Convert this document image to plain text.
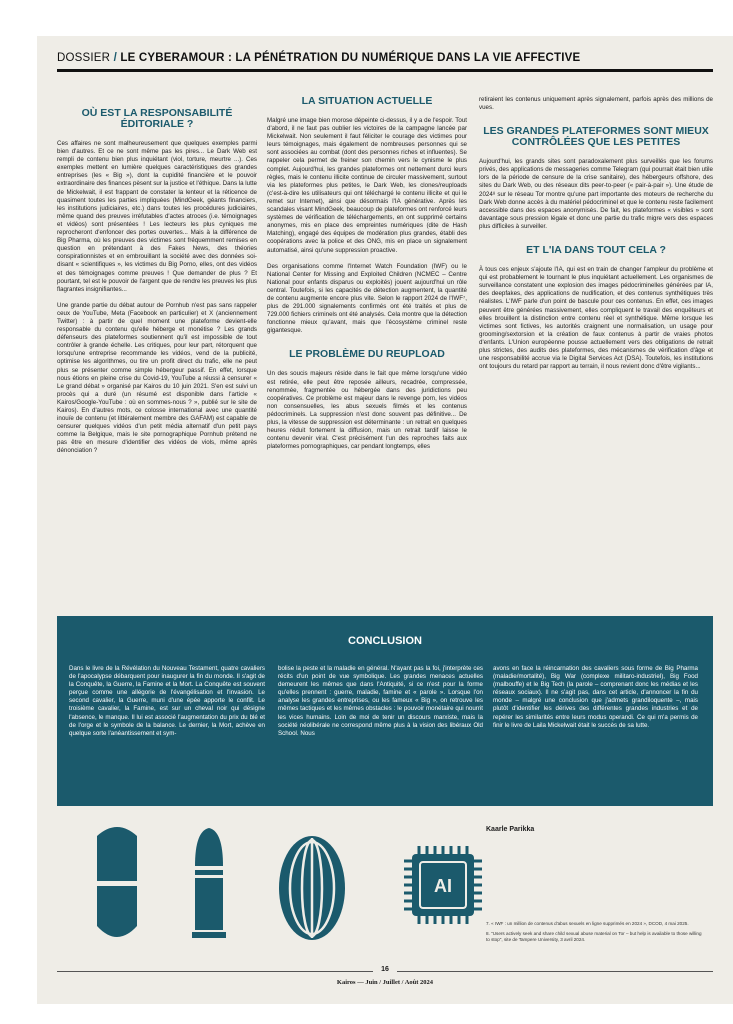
DOSSIER / LE CYBERAMOUR : LA PÉNÉTRATION DU NUMÉRIQUE DANS LA VIE AFFECTIVE
OÙ EST LA RESPONSABILITÉ ÉDITORIALE ?

Ces affaires ne sont malheureusement que quelques exemples parmi bien d'autres. Et ce ne sont même pas les pires... Le Dark Web est rempli de contenu bien plus inquiétant (viol, torture, meurtre ...). Ces exemples mettent en lumière quelques caractéristiques des grandes entreprises (les « Big »), dont la cupidité financière et le pouvoir extraordinaire des finances pèsent sur la justice et l'éthique. Dans la lutte de Mickelwait, il est frappant de constater la lenteur et la réticence de quasiment toutes les parties impliquées (MindGeek, géants financiers, les institutions judiciaires, etc.) dans toutes les procédures judiciaires, même quand des preuves irréfutables d'actes atroces (i.e. témoignages et vidéos) sont présentées ! Les lecteurs les plus cyniques me reprocheront d'enfoncer des portes ouvertes... Mais à la différence de Big Pharma, où les preuves des victimes sont fréquemment remises en question en prétendant à des Fakes News, des théories conspirationnistes et en embrouillant la société avec des données soi-disant « scientifiques », les victimes du Big Porno, elles, ont des vidéos et des témoignages comme preuves ! Que demander de plus ? Et pourtant, tel est le pouvoir de l'argent que de rendre les preuves les plus flagrantes insignifiantes...

Une grande partie du débat autour de Pornhub n'est pas sans rappeler ceux de YouTube, Meta (Facebook en particulier) et X (anciennement Twitter) : à partir de quel moment une plateforme devient-elle responsable du contenu qu'elle héberge et monétise ? Les grands défenseurs des plateformes soutiennent qu'il est impossible de tout contrôler à grande échelle. Les critiques, pour leur part, rétorquent que lorsqu'une entreprise recommande les vidéos, vend de la publicité, optimise les algorithmes, ou tire un profit direct du trafic, elle ne peut plus se présenter comme simple hébergeur passif. En effet, lorsque nous étions en pleine crise du Covid-19, YouTube a réussi à censurer « Le grand débat » organisé par Kairos du 10 juin 2021. S'en est suivi un procès qui a duré (un résumé est disponible dans l'article « Kairos/Google-YouTube : où en sommes-nous ? », publié sur le site de Kairos). En d'autres mots, ce colosse international avec une quantité inouïe de contenu (et littéralement membre des GAFAM) est capable de censurer quelques vidéos d'un petit média alternatif d'un petit pays comme la Belgique, mais le site pornographique Pornhub prétend ne pas être en mesure d'identifier des vidéos de viols, même après dénonciation ?

LA SITUATION ACTUELLE

Malgré une image bien morose dépeinte ci-dessus, il y a de l'espoir. Tout d'abord, il ne faut pas oublier les victoires de la campagne lancée par Mickelwait. Non seulement il faut féliciter le courage des victimes pour leurs témoignages, mais également de nombreuses personnes qui se sont associées au combat (dont des personnes riches et influentes). Se rappeler cela permet de freiner son chemin vers le cynisme le plus complet. Aujourd'hui, les grandes plateformes ont nettement durci leurs règles, mais le contenu illicite continue de circuler massivement, surtout via les plateformes plus petites, le Dark Web, les clones/reuploads (c'est-à-dire les utilisateurs qui ont téléchargé le contenu illicite et qui le remet sur Internet), ainsi que désormais l'IA générative. Après les scandales visant MindGeek, beaucoup de plateformes ont renforcé leurs systèmes de vérification de téléchargements, en ont supprimé certains anonymes, mis en place des empreintes numériques (dite de Hash Matching), engagé des équipes de modération plus grandes, établi des coopérations avec la police et des ONG, mis en place un signalement automatisé, ainsi qu'une suppression proactive.

Des organisations comme l'Internet Watch Foundation (IWF) ou le National Center for Missing and Exploited Children (NCMEC – Centre National pour enfants disparus ou exploités) jouent aujourd'hui un rôle central. Toutefois, si les capacités de détection augmentent, la quantité de contenu augmente encore plus vite. Selon le rapport 2024 de l'IWF⁷, plus de 291.000 signalements confirmés ont été traités et plus de 729.000 fichiers criminels ont été analysés. Cela montre que la détection fonctionne mieux qu'avant, mais que l'écosystème criminel reste gigantesque.

LE PROBLÈME DU REUPLOAD

Un des soucis majeurs réside dans le fait que même lorsqu'une vidéo est retirée, elle peut être reposée ailleurs, recadrée, compressée, renommée, fragmentée ou hébergée dans des juridictions peu coopératives. Ce problème est majeur dans le revenge porn, les vidéos non consensuelles, les abus sexuels filmés et les contenus pédocriminels. La suppression n'est donc souvent pas définitive... De plus, la vitesse de suppression est déterminante : un retrait en quelques heures réduit fortement la diffusion, mais un retrait tardif laisse le contenu devenir viral. C'est précisément l'un des reproches faits aux plateformes pornographiques, car pendant longtemps, elles

retiraient les contenus uniquement après signalement, parfois après des millions de vues.

LES GRANDES PLATEFORMES SONT MIEUX CONTRÔLÉES QUE LES PETITES

Aujourd'hui, les grands sites sont paradoxalement plus surveillés que les forums privés, des applications de messageries comme Telegram (qui pourrait était bien utile lors de la période de censure de la crise sanitaire), des hébergeurs offshore, des sites du Dark Web, ou des réseaux dits peer-to-peer (« pair-à-pair »). Une étude de 2024⁸ sur le réseau Tor montre qu'une part importante des moteurs de recherche du Dark Web donne accès à du matériel pédocriminel et que le contenu reste facilement accessible dans des espaces anonymisés. De fait, les plateformes « visibles » sont davantage sous pression légale et donc une partie du trafic migre vers des espaces plus difficiles à surveiller.

ET L'IA DANS TOUT CELA ?

À tous ces enjeux s'ajoute l'IA, qui est en train de changer l'ampleur du problème et qui est probablement le tournant le plus inquiétant actuellement. Les organismes de surveillance constatent une explosion des images pédocriminelles générées par IA, des deepfakes, des applications de nudification, et des contenus synthétiques très réalistes. L'IWF parle d'un point de bascule pour ces contenus. En effet, ces images peuvent être générées massivement, elles compliquent le travail des enquêteurs et elles brouillent la distinction entre contenu réel et synthétique. Même lorsque les victimes sont fictives, les autorités craignent une normalisation, un usage pour grooming/sextorsion et la création de faux contenus à partir de vraies photos d'enfants. L'Union européenne pousse actuellement vers des obligations de retrait plus strictes, des audits des plateformes, des mécanismes de vérification d'âge et une responsabilité accrue via le Digital Services Act (DSA). Toutefois, les institutions ont toujours du retard par rapport au terrain, il nous revient donc d'être vigilants...

CONCLUSION
Dans le livre de la Révélation du Nouveau Testament, quatre cavaliers de l'apocalypse débarquent pour inaugurer la fin du monde. Il s'agit de la Conquête, la Guerre, la Famine et la Mort. La Conquête est souvent perçue comme une allégorie de l'évangélisation et l'invasion. Le second cavalier, la Guerre, muni d'une épée apporte le conflit. Le troisième cavalier, la Famine, est sur un cheval noir qui désigne l'absence, le manque. Il lui est associé l'augmentation du prix du blé et de l'orge et le symbole de la balance. Le dernier, la Mort, achève en quelque sorte l'anéantissement et sym-
bolise la peste et la maladie en général. N'ayant pas la foi, j'interprète ces récits d'un point de vue symbolique. Les grandes menaces actuelles demeurent les mêmes que dans l'Antiquité, si ce n'est pour la forme qu'elles prennent : guerre, maladie, famine et « parole ». Lorsque l'on analyse les grandes entreprises, ou les fameux « Big », on retrouve les mêmes tactiques et les mêmes obstacles : le pouvoir monétaire qui nourrit les vices humains. Loin de moi de tenir un discours marxiste, mais la société néolibérale ne correspond même plus à la vision des libéraux Old School. Nous
avons en face la réincarnation des cavaliers sous forme de Big Pharma (maladie/mortalité), Big War (complexe militaro-industriel), Big Food (malbouffe) et le Big Tech (la parole – comprenant donc les médias et les réseaux sociaux). Il ne s'agit pas, dans cet article, d'annoncer la fin du monde – malgré une conclusion que j'admets grandiloquente –, mais plutôt d'identifier les dérives des différentes grandes industries et de repérer les similarités entre leurs modus operandi. Ce qui m'a permis de finir le livre de Laila Mickelwait était le succès de sa lutte.
AI
Kaarle Parikka

7. « IWF : un million de contenus d'abus sexuels en ligne supprimés en 2024 », DCOD, 4 mai 2025.

8. "Users actively seek and share child sexual abuse material on Tor – but help is available to those willing to stop", site de Tampere University, 3 avril 2024.

16
Kairos — Juin / Juillet / Août 2024
